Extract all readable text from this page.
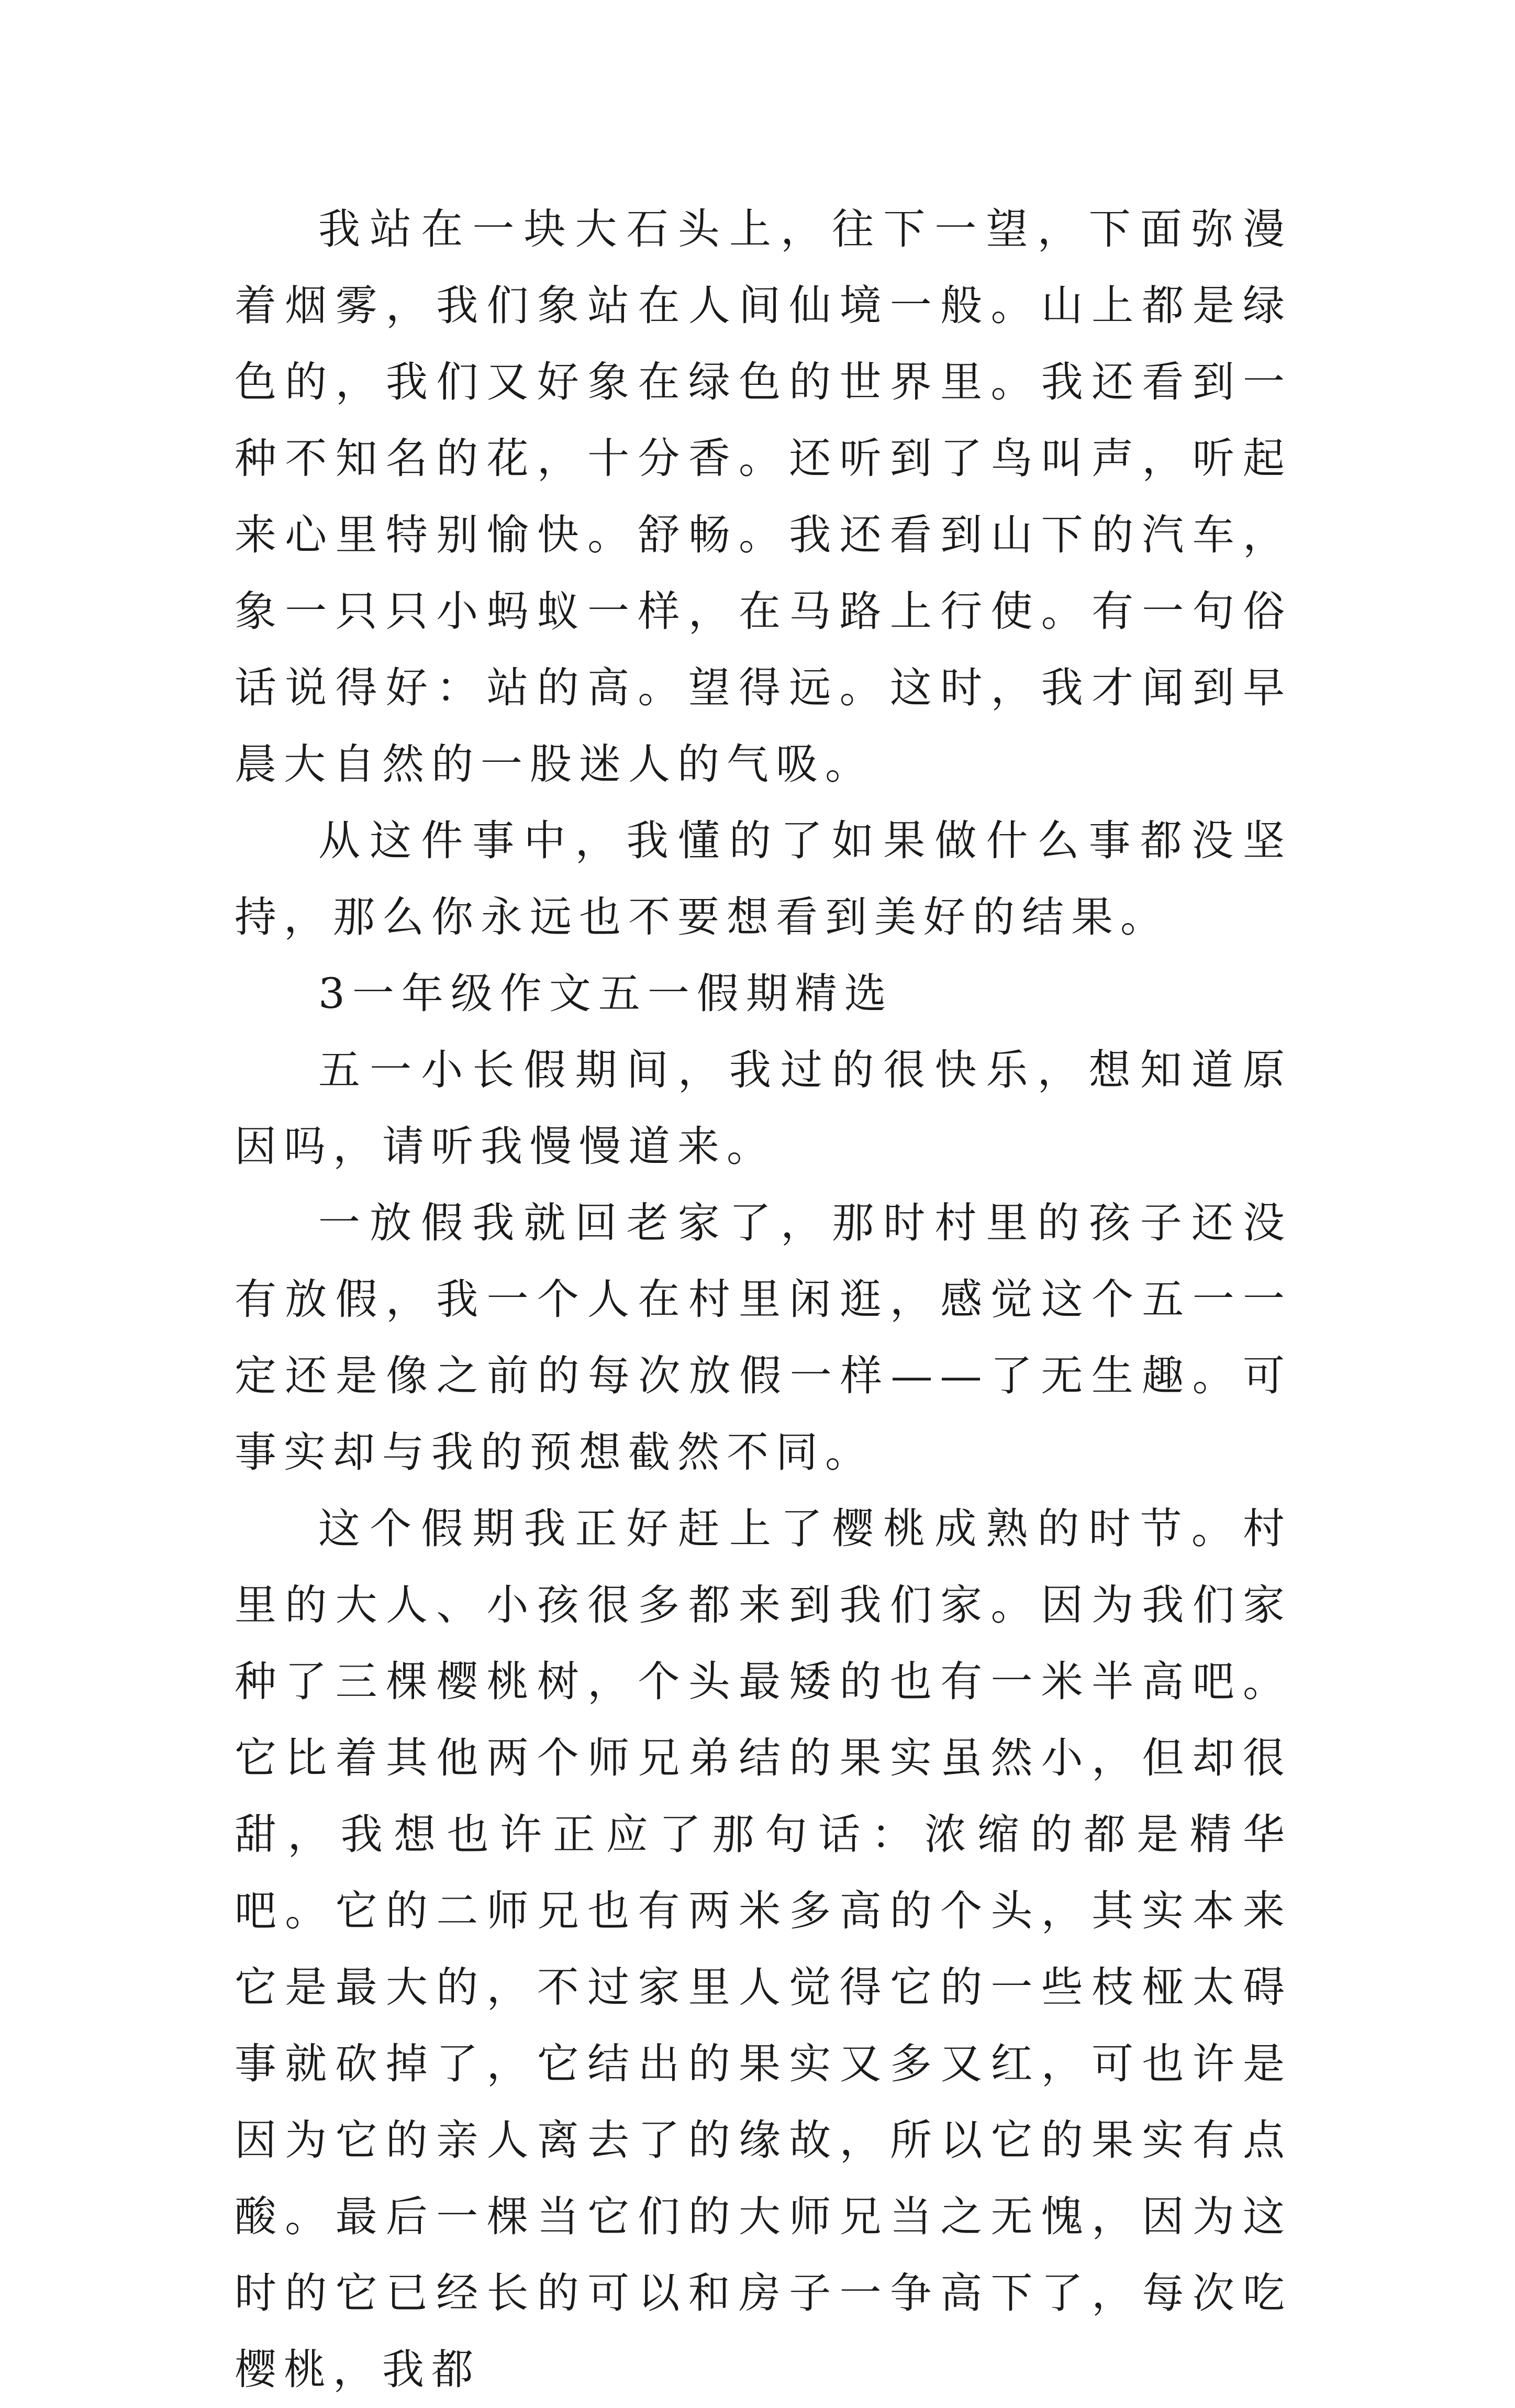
我站在一块大石头上，往下一望，下面弥漫着烟雾，我们象站在人间仙境一般。山上都是绿色的，我们又好象在绿色的世界里。我还看到一种不知名的花，十分香。还听到了鸟叫声，听起来心里特别愉快。舒畅。我还看到山下的汽车，象一只只小蚂蚁一样，在马路上行使。有一句俗话说得好：站的高。望得远。这时，我才闻到早晨大自然的一股迷人的气吸。

从这件事中，我懂的了如果做什么事都没坚持，那么你永远也不要想看到美好的结果。

3一年级作文五一假期精选

五一小长假期间，我过的很快乐，想知道原因吗，请听我慢慢道来。

一放假我就回老家了，那时村里的孩子还没有放假，我一个人在村里闲逛，感觉这个五一一定还是像之前的每次放假一样——了无生趣。可事实却与我的预想截然不同。

这个假期我正好赶上了樱桃成熟的时节。村里的大人、小孩很多都来到我们家。因为我们家种了三棵樱桃树，个头最矮的也有一米半高吧。它比着其他两个师兄弟结的果实虽然小，但却很甜，我想也许正应了那句话：浓缩的都是精华吧。它的二师兄也有两米多高的个头，其实本来它是最大的，不过家里人觉得它的一些枝桠太碍事就砍掉了，它结出的果实又多又红，可也许是因为它的亲人离去了的缘故，所以它的果实有点酸。最后一棵当它们的大师兄当之无愧，因为这时的它已经长的可以和房子一争高下了，每次吃樱桃，我都
